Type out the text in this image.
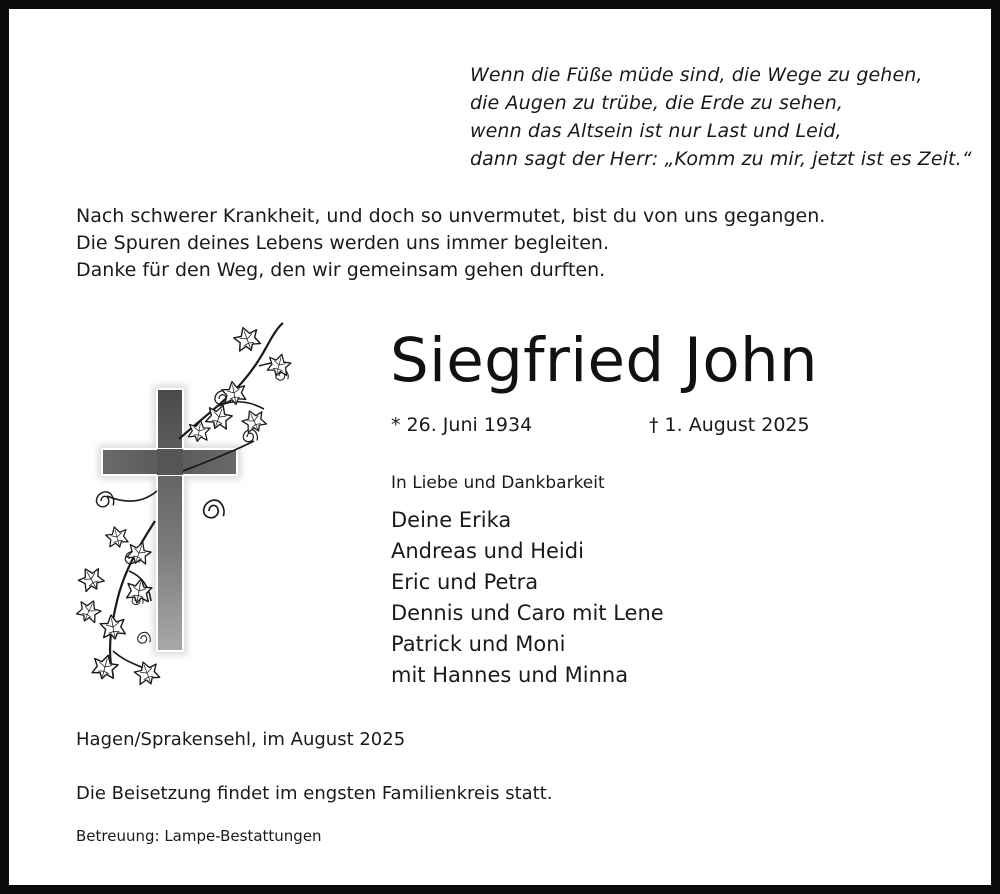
Wenn die Füße müde sind, die Wege zu gehen,
die Augen zu trübe, die Erde zu sehen,
wenn das Altsein ist nur Last und Leid,
dann sagt der Herr: „Komm zu mir, jetzt ist es Zeit.“
Nach schwerer Krankheit, und doch so unvermutet, bist du von uns gegangen.
Die Spuren deines Lebens werden uns immer begleiten.
Danke für den Weg, den wir gemeinsam gehen durften.
Siegfried John
* 26. Juni 1934	† 1. August 2025
In Liebe und Dankbarkeit
Deine Erika
Andreas und Heidi
Eric und Petra
Dennis und Caro mit Lene
Patrick und Moni
mit Hannes und Minna
Hagen/Sprakensehl, im August 2025
Die Beisetzung findet im engsten Familienkreis statt.
Betreuung: Lampe-Bestattungen
